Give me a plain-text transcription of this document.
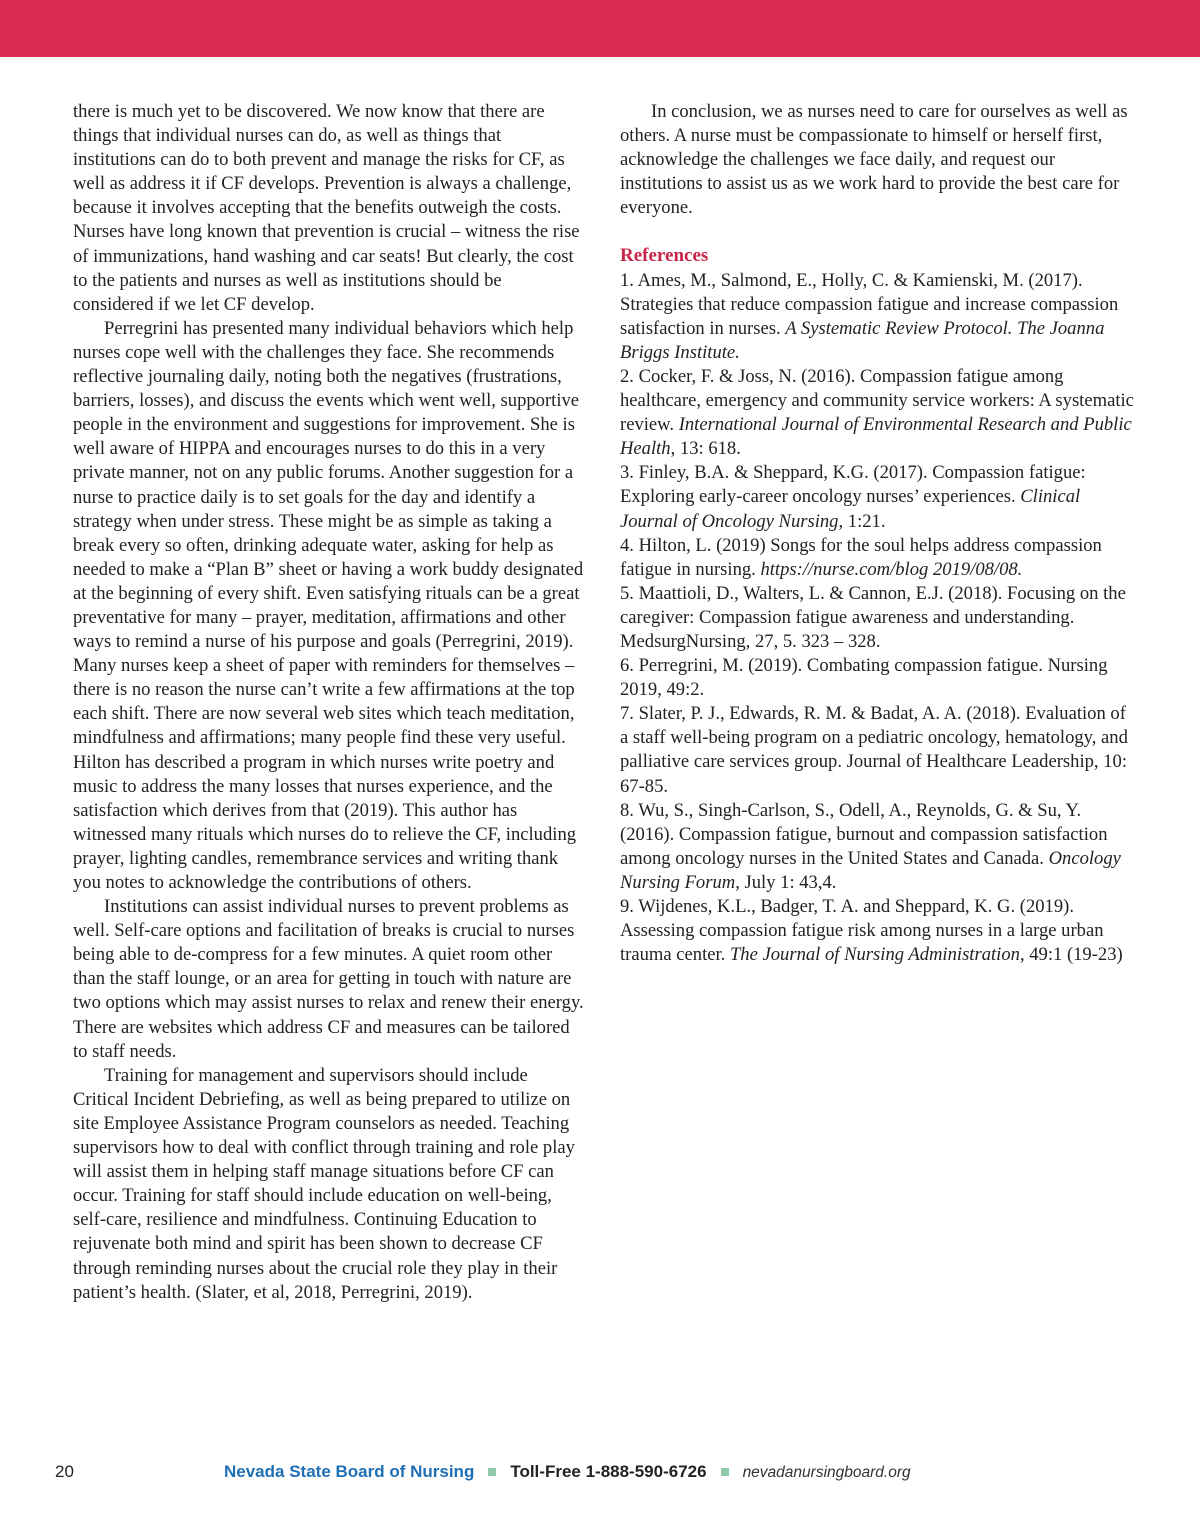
there is much yet to be discovered. We now know that there are things that individual nurses can do, as well as things that institutions can do to both prevent and manage the risks for CF, as well as address it if CF develops. Prevention is always a challenge, because it involves accepting that the benefits outweigh the costs. Nurses have long known that prevention is crucial – witness the rise of immunizations, hand washing and car seats! But clearly, the cost to the patients and nurses as well as institutions should be considered if we let CF develop.

Perregrini has presented many individual behaviors which help nurses cope well with the challenges they face. She recommends reflective journaling daily, noting both the negatives (frustrations, barriers, losses), and discuss the events which went well, supportive people in the environment and suggestions for improvement. She is well aware of HIPPA and encourages nurses to do this in a very private manner, not on any public forums. Another suggestion for a nurse to practice daily is to set goals for the day and identify a strategy when under stress. These might be as simple as taking a break every so often, drinking adequate water, asking for help as needed to make a “Plan B” sheet or having a work buddy designated at the beginning of every shift. Even satisfying rituals can be a great preventative for many – prayer, meditation, affirmations and other ways to remind a nurse of his purpose and goals (Perregrini, 2019). Many nurses keep a sheet of paper with reminders for themselves – there is no reason the nurse can’t write a few affirmations at the top each shift. There are now several web sites which teach meditation, mindfulness and affirmations; many people find these very useful. Hilton has described a program in which nurses write poetry and music to address the many losses that nurses experience, and the satisfaction which derives from that (2019). This author has witnessed many rituals which nurses do to relieve the CF, including prayer, lighting candles, remembrance services and writing thank you notes to acknowledge the contributions of others.

Institutions can assist individual nurses to prevent problems as well. Self-care options and facilitation of breaks is crucial to nurses being able to de-compress for a few minutes. A quiet room other than the staff lounge, or an area for getting in touch with nature are two options which may assist nurses to relax and renew their energy. There are websites which address CF and measures can be tailored to staff needs.

Training for management and supervisors should include Critical Incident Debriefing, as well as being prepared to utilize on site Employee Assistance Program counselors as needed. Teaching supervisors how to deal with conflict through training and role play will assist them in helping staff manage situations before CF can occur. Training for staff should include education on well-being, self-care, resilience and mindfulness. Continuing Education to rejuvenate both mind and spirit has been shown to decrease CF through reminding nurses about the crucial role they play in their patient’s health. (Slater, et al, 2018, Perregrini, 2019).

In conclusion, we as nurses need to care for ourselves as well as others. A nurse must be compassionate to himself or herself first, acknowledge the challenges we face daily, and request our institutions to assist us as we work hard to provide the best care for everyone.

References

1. Ames, M., Salmond, E., Holly, C. & Kamienski, M. (2017). Strategies that reduce compassion fatigue and increase compassion satisfaction in nurses. A Systematic Review Protocol. The Joanna Briggs Institute.

2. Cocker, F. & Joss, N. (2016). Compassion fatigue among healthcare, emergency and community service workers: A systematic review. International Journal of Environmental Research and Public Health, 13: 618.

3. Finley, B.A. & Sheppard, K.G. (2017). Compassion fatigue: Exploring early-career oncology nurses’ experiences. Clinical Journal of Oncology Nursing, 1:21.

4. Hilton, L. (2019) Songs for the soul helps address compassion fatigue in nursing. https://nurse.com/blog 2019/08/08.

5. Maattioli, D., Walters, L. & Cannon, E.J. (2018). Focusing on the caregiver: Compassion fatigue awareness and understanding. MedsurgNursing, 27, 5. 323 – 328.

6. Perregrini, M. (2019). Combating compassion fatigue. Nursing 2019, 49:2.

7. Slater, P. J., Edwards, R. M. & Badat, A. A. (2018). Evaluation of a staff well-being program on a pediatric oncology, hematology, and palliative care services group. Journal of Healthcare Leadership, 10: 67-85.

8. Wu, S., Singh-Carlson, S., Odell, A., Reynolds, G. & Su, Y. (2016). Compassion fatigue, burnout and compassion satisfaction among oncology nurses in the United States and Canada. Oncology Nursing Forum, July 1: 43,4.

9. Wijdenes, K.L., Badger, T. A. and Sheppard, K. G. (2019). Assessing compassion fatigue risk among nurses in a large urban trauma center. The Journal of Nursing Administration, 49:1 (19-23)

20	Nevada State Board of Nursing Toll-Free 1-888-590-6726 nevadanursingboard.org
